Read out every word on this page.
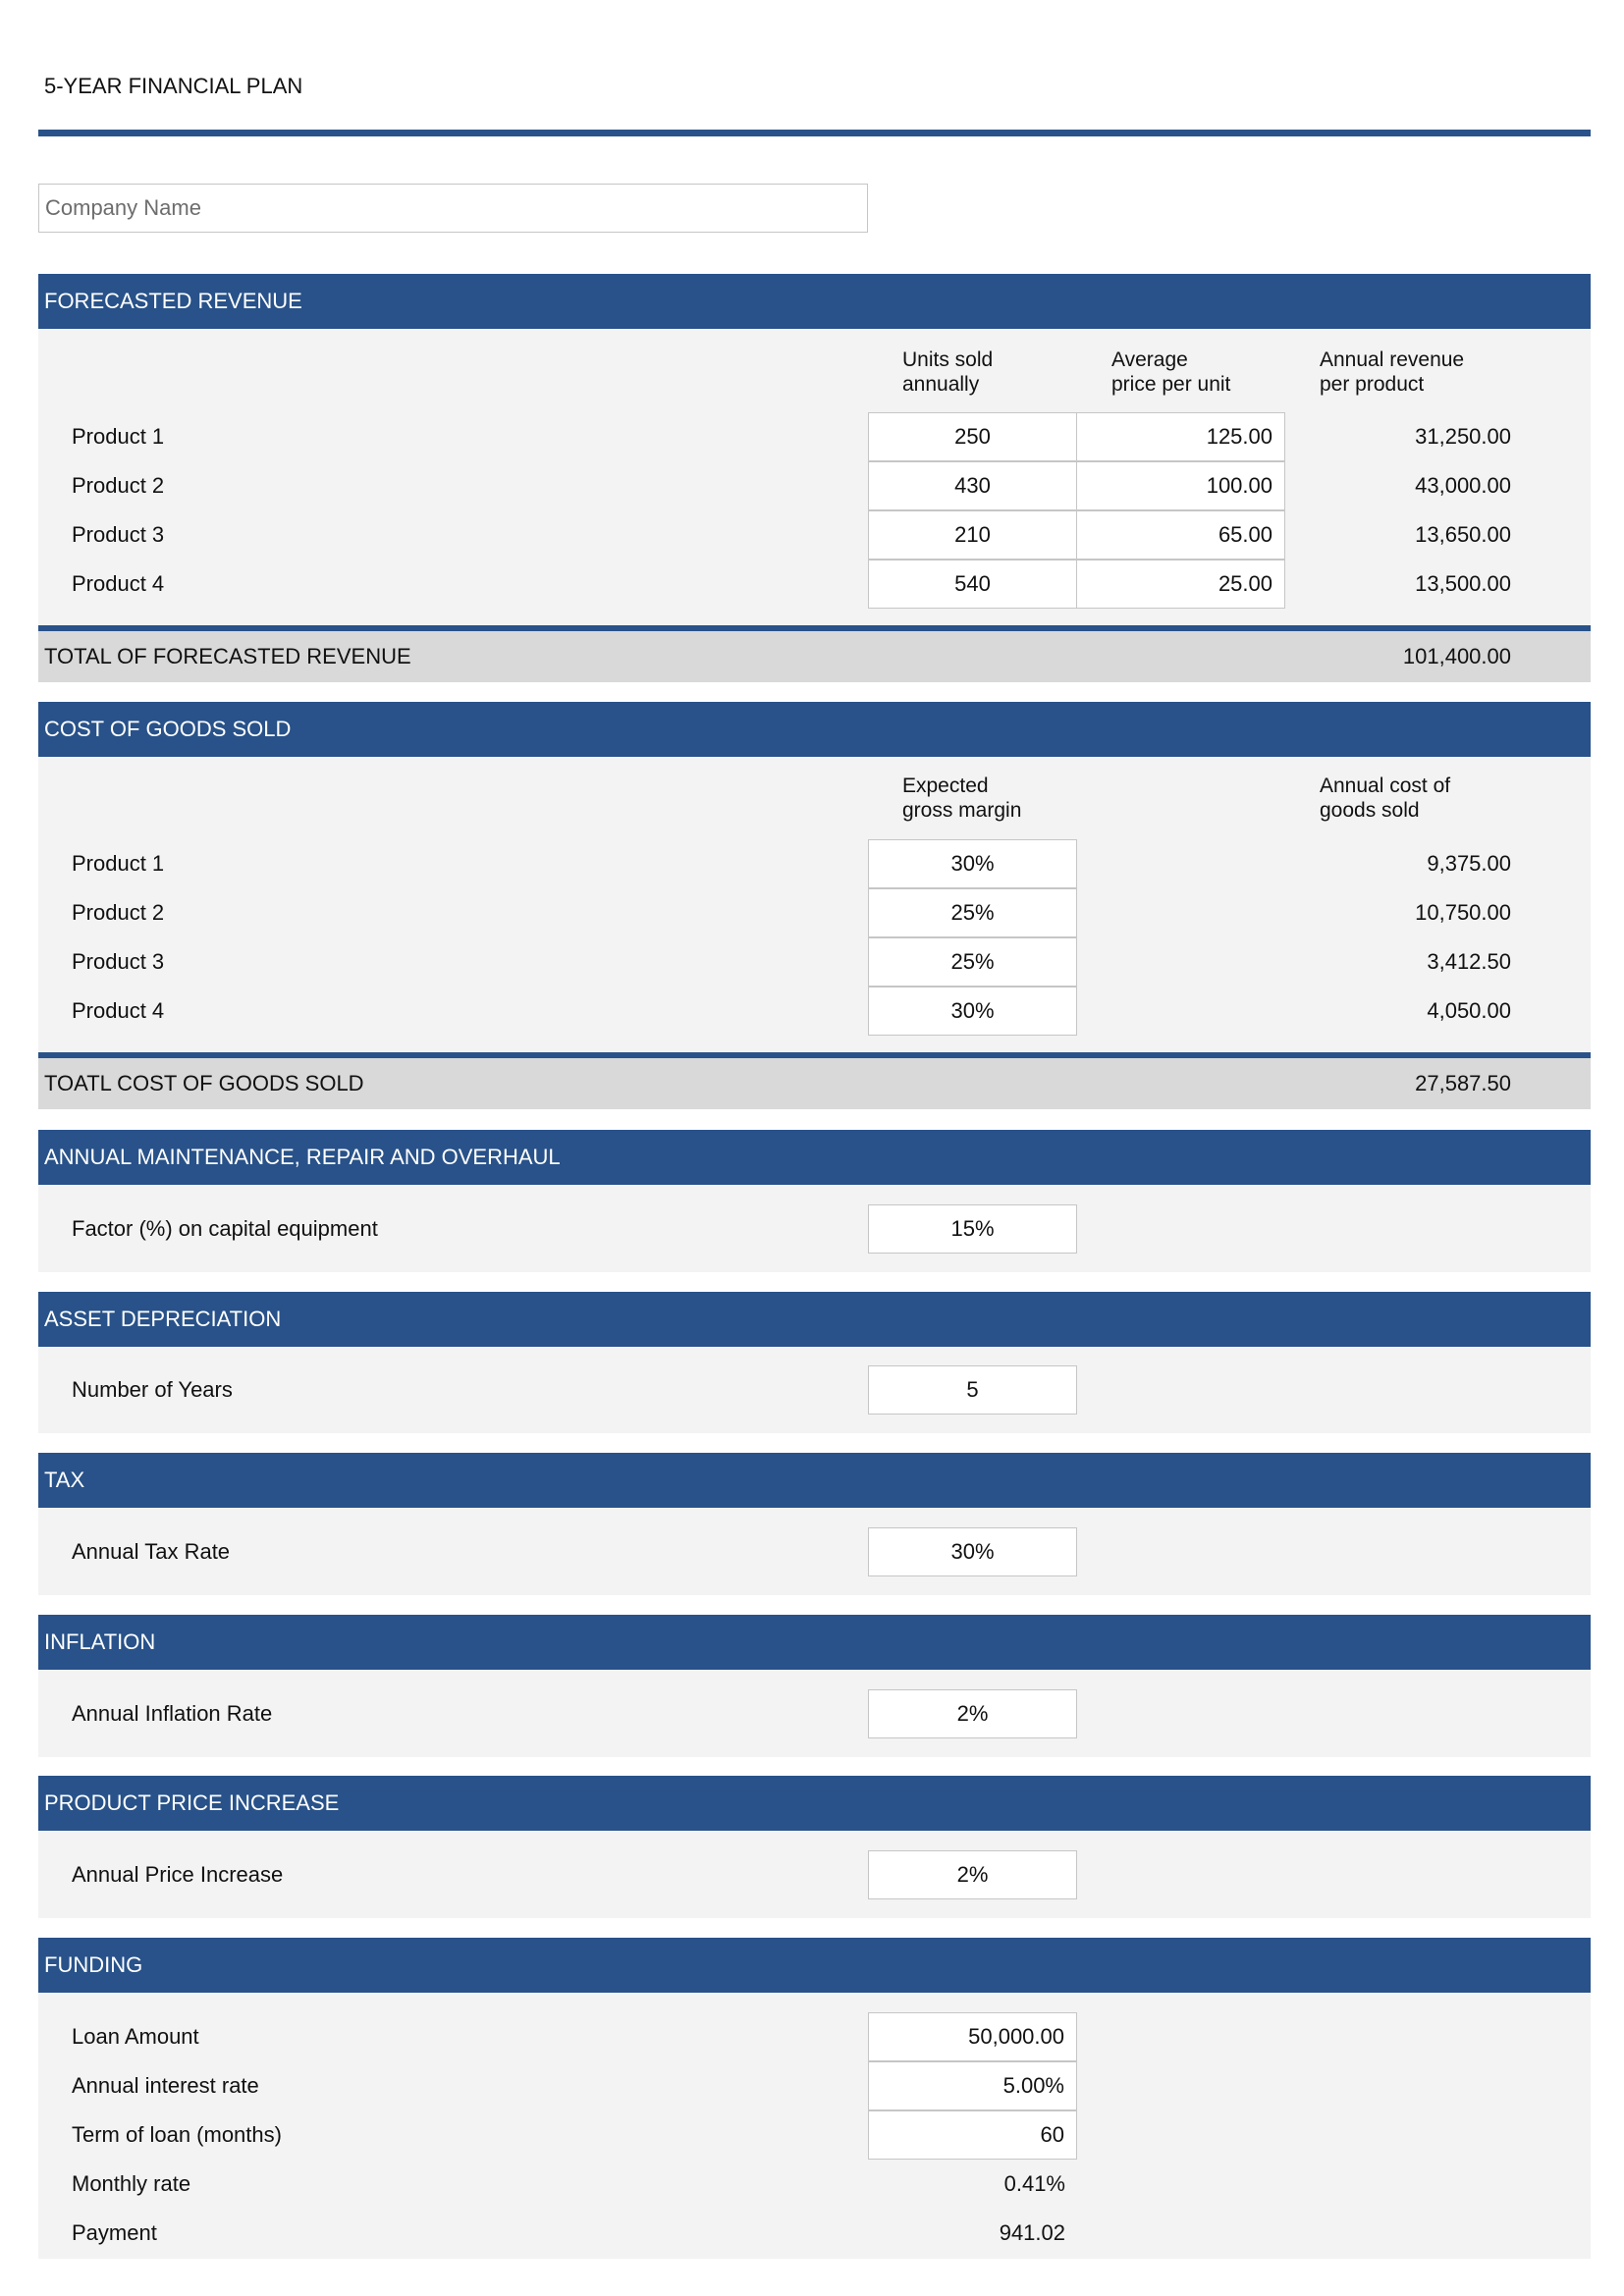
5-YEAR FINANCIAL PLAN
Company Name
FORECASTED REVENUE
Units sold
annually
Average
price per unit
Annual revenue
per product
Product 1	250	125.00	31,250.00
Product 2	430	100.00	43,000.00
Product 3	210	65.00	13,650.00
Product 4	540	25.00	13,500.00
TOTAL OF FORECASTED REVENUE	101,400.00
COST OF GOODS SOLD
Expected
gross margin
Annual cost of
goods sold
Product 1	30%	9,375.00
Product 2	25%	10,750.00
Product 3	25%	3,412.50
Product 4	30%	4,050.00
TOATL COST OF GOODS SOLD	27,587.50
ANNUAL MAINTENANCE, REPAIR AND OVERHAUL
Factor (%) on capital equipment	15%
ASSET DEPRECIATION
Number of Years	5
TAX
Annual Tax Rate	30%
INFLATION
Annual Inflation Rate	2%
PRODUCT PRICE INCREASE
Annual Price Increase	2%
FUNDING
Loan Amount	50,000.00
Annual interest rate	5.00%
Term of loan (months)	60
Monthly rate	0.41%
Payment	941.02
